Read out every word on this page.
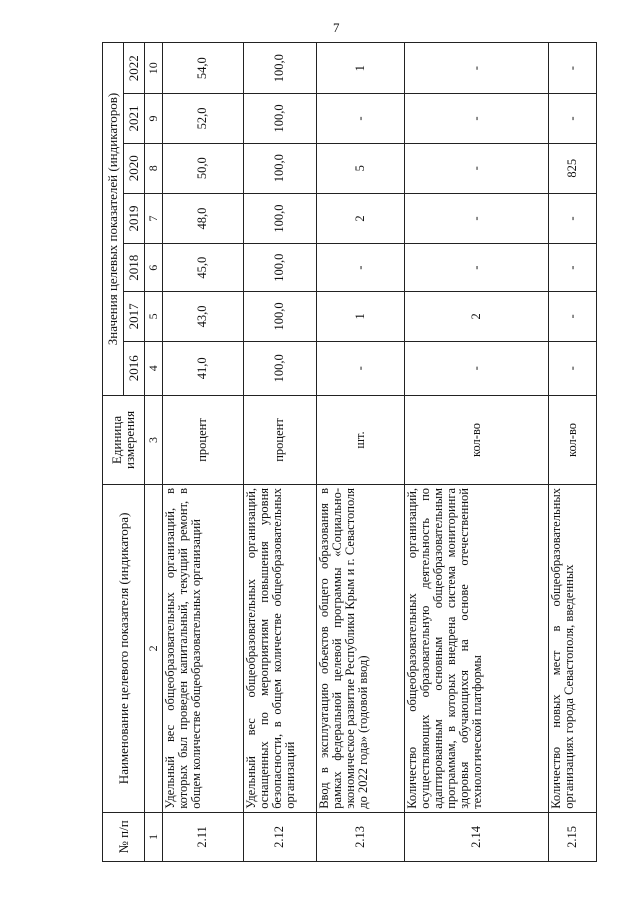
7
№ п/п	Наименование целевого показателя (индикатора)	Единица измерения	Значения целевых показателей (индикаторов)						
			2016	2017	2018	2019	2020	2021	2022
1	2	3	4	5	6	7	8	9	10
2.11	Удельный вес общеобразовательных организаций, в которых был проведен капитальный, текущий ремонт, в общем количестве общеобразовательных организаций	процент	41,0	43,0	45,0	48,0	50,0	52,0	54,0
2.12	Удельный вес общеобразовательных организаций, оснащенных по мероприятиям повышения уровня безопасности, в общем количестве общеобразовательных организаций	процент	100,0	100,0	100,0	100,0	100,0	100,0	100,0
2.13	Ввод в эксплуатацию объектов общего образования в рамках федеральной целевой программы «Социально-экономическое развитие Республики Крым и г. Севастополя до 2022 года» (годовой ввод)	шт.	-	1	-	2	5	-	1
2.14	Количество общеобразовательных организаций, осуществляющих образовательную деятельность по адаптированным основным общеобразовательным программам, в которых внедрена система мониторинга здоровья обучающихся на основе отечественной технологической платформы	кол-во	-	2	-	-	-	-	-
2.15	Количество новых мест в общеобразовательных организациях города Севастополя, введенных	кол-во	-	-	-	-	825	-	-
